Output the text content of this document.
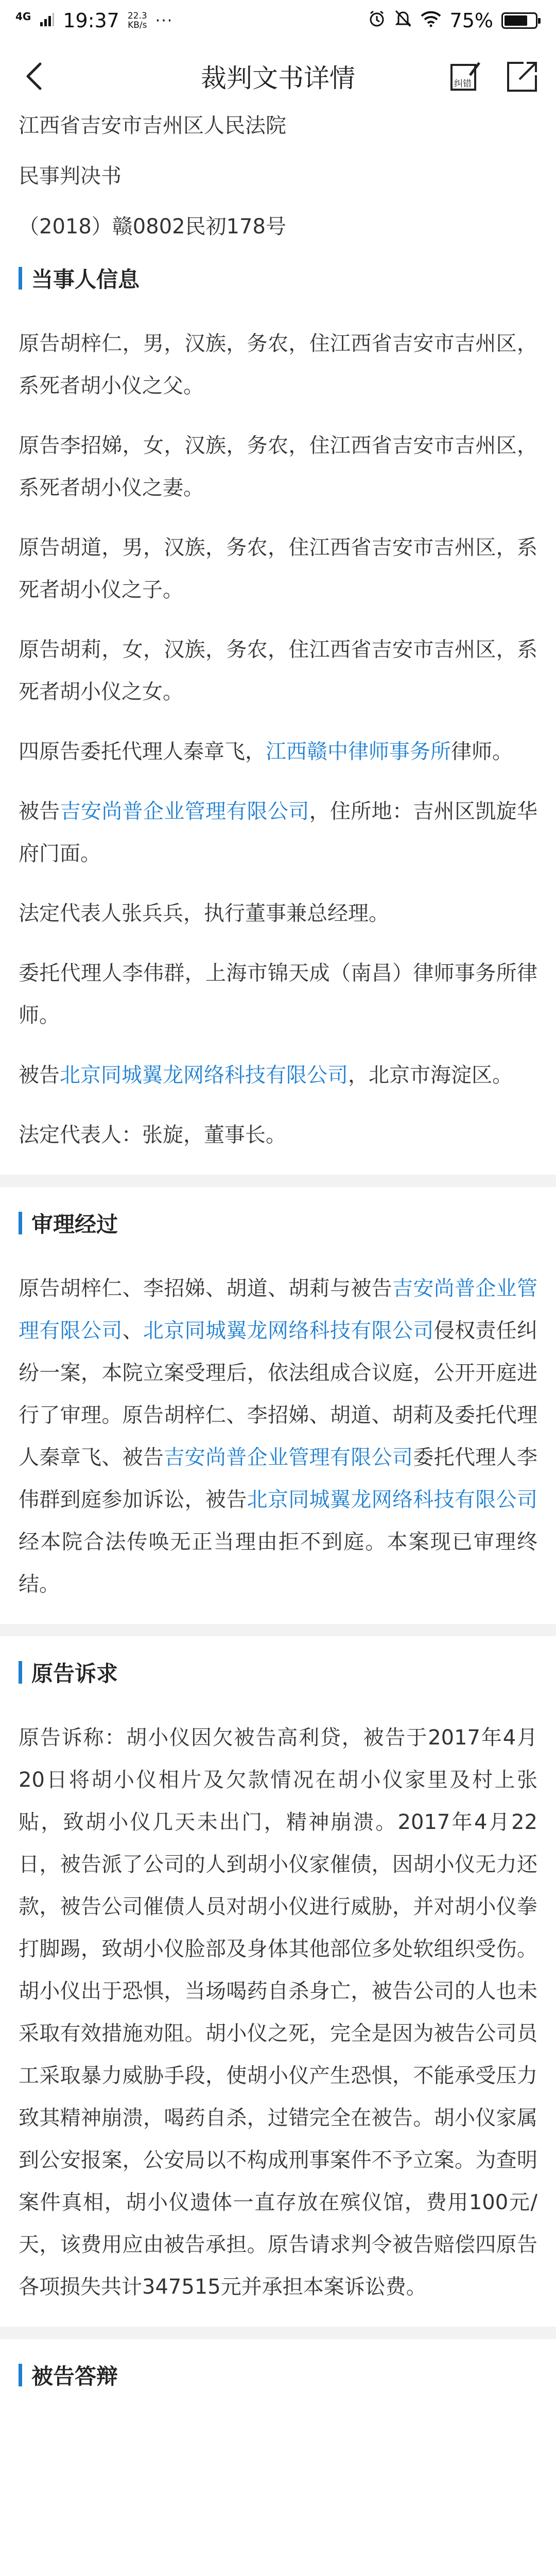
4G 19:37 22.3
KB/s ···	75%
裁判文书详情	纠错

江西省吉安市吉州区人民法院

民事判决书

（2018）赣0802民初178号

当事人信息

原告胡梓仁，男，汉族，务农，住江西省吉安市吉州区，系死者胡小仪之父。

原告李招娣，女，汉族，务农，住江西省吉安市吉州区，系死者胡小仪之妻。

原告胡道，男，汉族，务农，住江西省吉安市吉州区，系死者胡小仪之子。

原告胡莉，女，汉族，务农，住江西省吉安市吉州区，系死者胡小仪之女。

四原告委托代理人秦章飞，江西赣中律师事务所律师。

被告吉安尚普企业管理有限公司，住所地：吉州区凯旋华府门面。

法定代表人张兵兵，执行董事兼总经理。

委托代理人李伟群，上海市锦天成（南昌）律师事务所律师。

被告北京同城翼龙网络科技有限公司，北京市海淀区。

法定代表人：张旋，董事长。

审理经过

原告胡梓仁、李招娣、胡道、胡莉与被告吉安尚普企业管理有限公司、北京同城翼龙网络科技有限公司侵权责任纠纷一案，本院立案受理后，依法组成合议庭，公开开庭进行了审理。原告胡梓仁、李招娣、胡道、胡莉及委托代理人秦章飞、被告吉安尚普企业管理有限公司委托代理人李伟群到庭参加诉讼，被告北京同城翼龙网络科技有限公司经本院合法传唤无正当理由拒不到庭。本案现已审理终结。

原告诉求

原告诉称：胡小仪因欠被告高利贷，被告于2017年4月20日将胡小仪相片及欠款情况在胡小仪家里及村上张贴，致胡小仪几天未出门，精神崩溃。2017年4月22日，被告派了公司的人到胡小仪家催债，因胡小仪无力还款，被告公司催债人员对胡小仪进行威胁，并对胡小仪拳打脚踢，致胡小仪脸部及身体其他部位多处软组织受伤。胡小仪出于恐惧，当场喝药自杀身亡，被告公司的人也未采取有效措施劝阻。胡小仪之死，完全是因为被告公司员工采取暴力威胁手段，使胡小仪产生恐惧，不能承受压力致其精神崩溃，喝药自杀，过错完全在被告。胡小仪家属到公安报案，公安局以不构成刑事案件不予立案。为查明案件真相，胡小仪遗体一直存放在殡仪馆，费用100元/天，该费用应由被告承担。原告请求判令被告赔偿四原告各项损失共计347515元并承担本案诉讼费。

被告答辩
